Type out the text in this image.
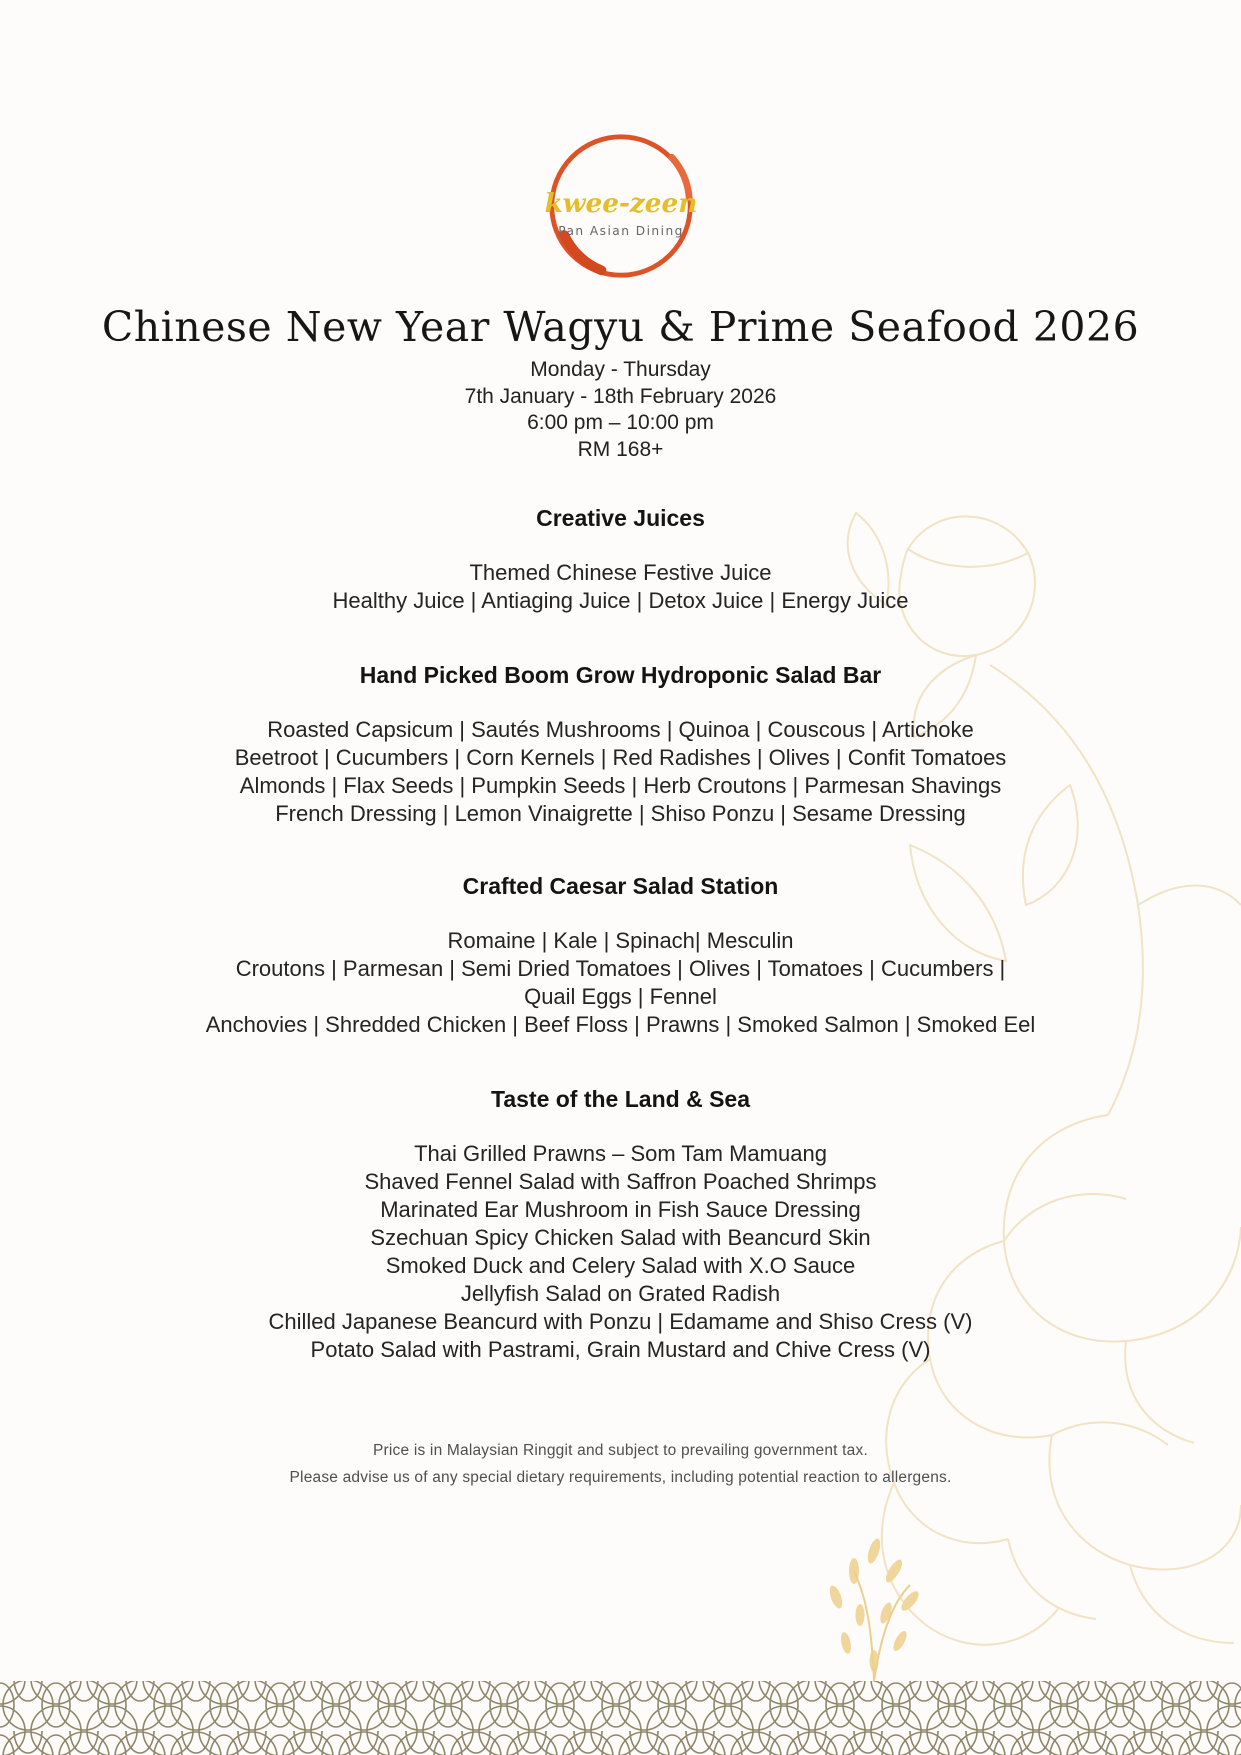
kwee-zeen
Pan Asian Dining
Chinese New Year Wagyu & Prime Seafood 2026
Monday - Thursday
7th January - 18th February 2026
6:00 pm – 10:00 pm
RM 168+
Creative Juices

Themed Chinese Festive Juice

Healthy Juice | Antiaging Juice | Detox Juice | Energy Juice

Hand Picked Boom Grow Hydroponic Salad Bar

Roasted Capsicum | Sautés Mushrooms | Quinoa | Couscous | Artichoke

Beetroot | Cucumbers | Corn Kernels | Red Radishes | Olives | Confit Tomatoes

Almonds | Flax Seeds | Pumpkin Seeds | Herb Croutons | Parmesan Shavings

French Dressing | Lemon Vinaigrette | Shiso Ponzu | Sesame Dressing

Crafted Caesar Salad Station

Romaine | Kale | Spinach| Mesculin

Croutons | Parmesan | Semi Dried Tomatoes | Olives | Tomatoes | Cucumbers |

Quail Eggs | Fennel

Anchovies | Shredded Chicken | Beef Floss | Prawns | Smoked Salmon | Smoked Eel

Taste of the Land & Sea

Thai Grilled Prawns – Som Tam Mamuang

Shaved Fennel Salad with Saffron Poached Shrimps

Marinated Ear Mushroom in Fish Sauce Dressing

Szechuan Spicy Chicken Salad with Beancurd Skin

Smoked Duck and Celery Salad with X.O Sauce

Jellyfish Salad on Grated Radish

Chilled Japanese Beancurd with Ponzu | Edamame and Shiso Cress (V)

Potato Salad with Pastrami, Grain Mustard and Chive Cress (V)

Price is in Malaysian Ringgit and subject to prevailing government tax.
Please advise us of any special dietary requirements, including potential reaction to allergens.
